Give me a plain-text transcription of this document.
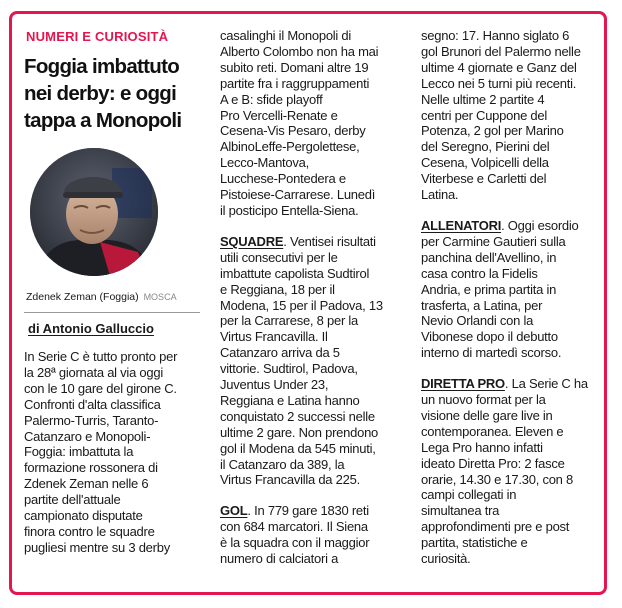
NUMERI E CURIOSITÀ
Foggia imbattuto
nei derby: e oggi
tappa a Monopoli
Zdenek Zeman (Foggia) MOSCA
di Antonio Galluccio
In Serie C è tutto pronto per
la 28ª giornata al via oggi
con le 10 gare del girone C.
Confronti d'alta classifica
Palermo-Turris, Taranto-
Catanzaro e Monopoli-
Foggia: imbattuta la
formazione rossonera di
Zdenek Zeman nelle 6
partite dell'attuale
campionato disputate
finora contro le squadre
pugliesi mentre su 3 derby
casalinghi il Monopoli di
Alberto Colombo non ha mai
subito reti. Domani altre 19
partite fra i raggruppamenti
A e B: sfide playoff
Pro Vercelli-Renate e
Cesena-Vis Pesaro, derby
AlbinoLeffe-Pergolettese,
Lecco-Mantova,
Lucchese-Pontedera e
Pistoiese-Carrarese. Lunedì
il posticipo Entella-Siena.
SQUADRE. Ventisei risultati
utili consecutivi per le
imbattute capolista Sudtirol
e Reggiana, 18 per il
Modena, 15 per il Padova, 13
per la Carrarese, 8 per la
Virtus Francavilla. Il
Catanzaro arriva da 5
vittorie. Sudtirol, Padova,
Juventus Under 23,
Reggiana e Latina hanno
conquistato 2 successi nelle
ultime 2 gare. Non prendono
gol il Modena da 545 minuti,
il Catanzaro da 389, la
Virtus Francavilla da 225.
GOL. In 779 gare 1830 reti
con 684 marcatori. Il Siena
è la squadra con il maggior
numero di calciatori a
segno: 17. Hanno siglato 6
gol Brunori del Palermo nelle
ultime 4 giornate e Ganz del
Lecco nei 5 turni più recenti.
Nelle ultime 2 partite 4
centri per Cuppone del
Potenza, 2 gol per Marino
del Seregno, Pierini del
Cesena, Volpicelli della
Viterbese e Carletti del
Latina.
ALLENATORI. Oggi esordio
per Carmine Gautieri sulla
panchina dell'Avellino, in
casa contro la Fidelis
Andria, e prima partita in
trasferta, a Latina, per
Nevio Orlandi con la
Vibonese dopo il debutto
interno di martedì scorso.
DIRETTA PRO. La Serie C ha
un nuovo format per la
visione delle gare live in
contemporanea. Eleven e
Lega Pro hanno infatti
ideato Diretta Pro: 2 fasce
orarie, 14.30 e 17.30, con 8
campi collegati in
simultanea tra
approfondimenti pre e post
partita, statistiche e
curiosità.
